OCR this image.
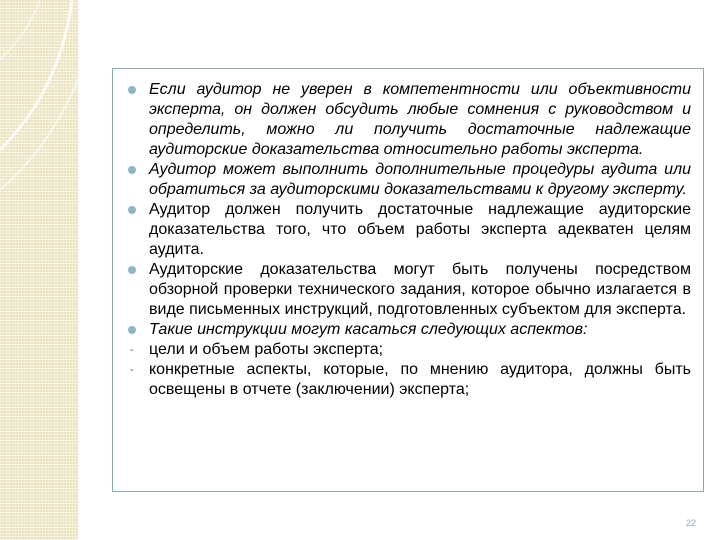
Если аудитор не уверен в компетентности или объективности эксперта, он должен обсудить любые сомнения с руководством и определить, можно ли получить достаточные надлежащие аудиторские доказательства относительно работы эксперта.
Аудитор может выполнить дополнительные процедуры аудита или обратиться за аудиторскими доказательствами к другому эксперту.
Аудитор должен получить достаточные надлежащие аудиторские доказательства того, что объем работы эксперта адекватен целям аудита.
Аудиторские доказательства могут быть получены посредством обзорной проверки технического задания, которое обычно излагается в виде письменных инструкций, подготовленных субъектом для эксперта.
Такие инструкции могут касаться следующих аспектов:
- цели и объем работы эксперта;
- конкретные аспекты, которые, по мнению аудитора, должны быть освещены в отчете (заключении) эксперта;
22
